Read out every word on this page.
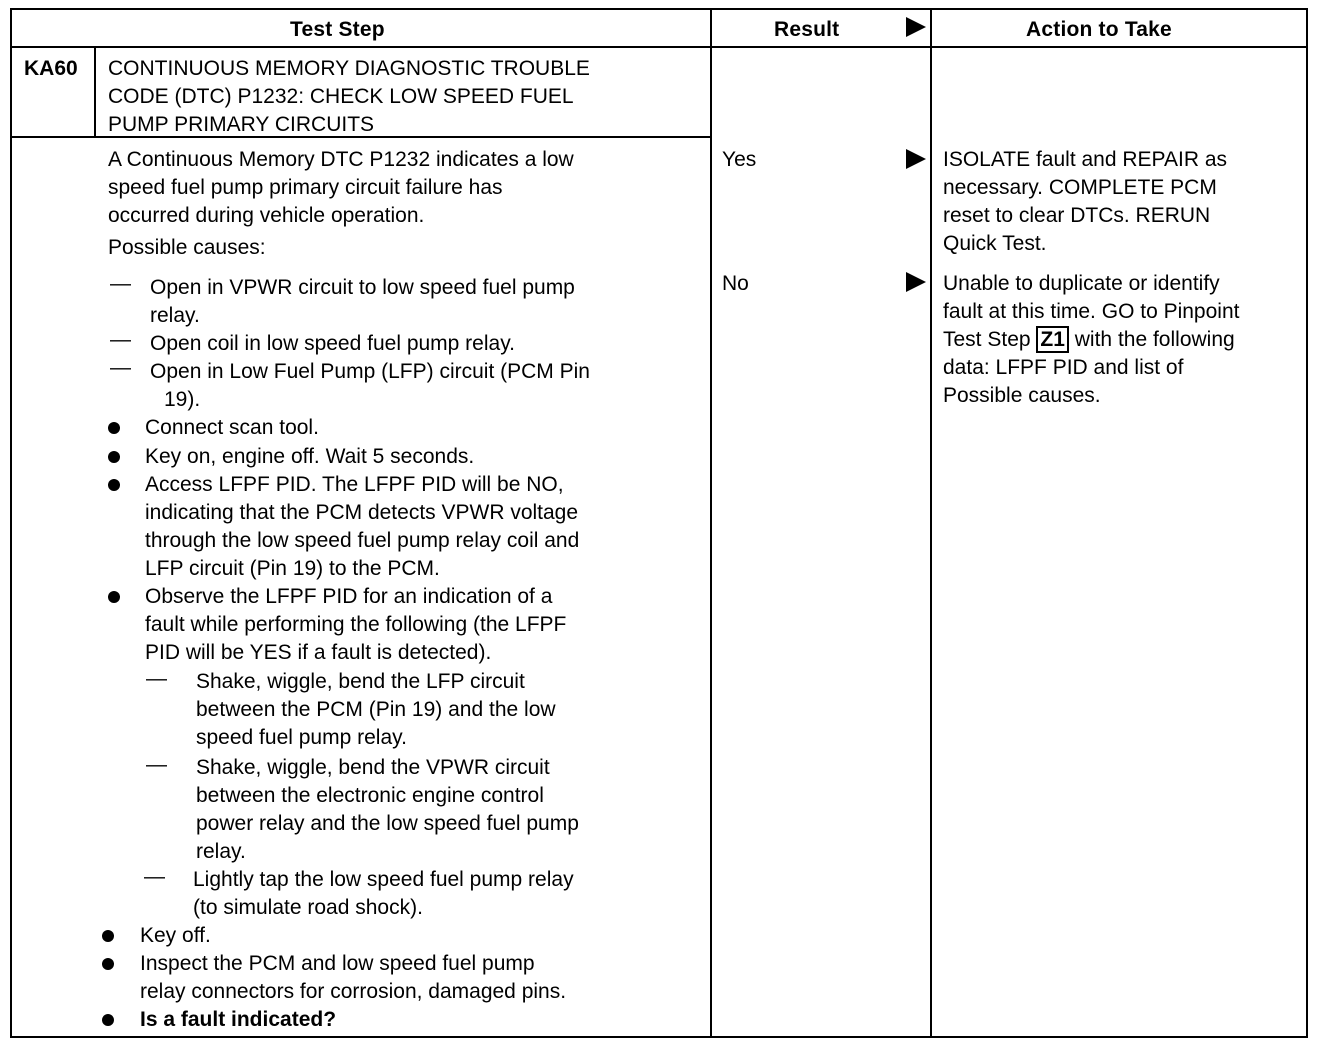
Test Step	Result	Action to Take
KA60 CONTINUOUS MEMORY DIAGNOSTIC TROUBLE
CODE (DTC) P1232: CHECK LOW SPEED FUEL
PUMP PRIMARY CIRCUITS
A Continuous Memory DTC P1232 indicates a low
speed fuel pump primary circuit failure has
occurred during vehicle operation.
Possible causes:
— Open in VPWR circuit to low speed fuel pump
relay.
— Open coil in low speed fuel pump relay.
— Open in Low Fuel Pump (LFP) circuit (PCM Pin
19).
Connect scan tool.
Key on, engine off. Wait 5 seconds.
Access LFPF PID. The LFPF PID will be NO,
indicating that the PCM detects VPWR voltage
through the low speed fuel pump relay coil and
LFP circuit (Pin 19) to the PCM.
Observe the LFPF PID for an indication of a
fault while performing the following (the LFPF
PID will be YES if a fault is detected).
— Shake, wiggle, bend the LFP circuit
between the PCM (Pin 19) and the low
speed fuel pump relay.
— Shake, wiggle, bend the VPWR circuit
between the electronic engine control
power relay and the low speed fuel pump
relay.
— Lightly tap the low speed fuel pump relay
(to simulate road shock).
Key off.
Inspect the PCM and low speed fuel pump
relay connectors for corrosion, damaged pins.
Is a fault indicated?
Yes	ISOLATE fault and REPAIR as
necessary. COMPLETE PCM
reset to clear DTCs. RERUN
Quick Test.
No	Unable to duplicate or identify
fault at this time. GO to Pinpoint
Test Step Z1 with the following
data: LFPF PID and list of
Possible causes.
